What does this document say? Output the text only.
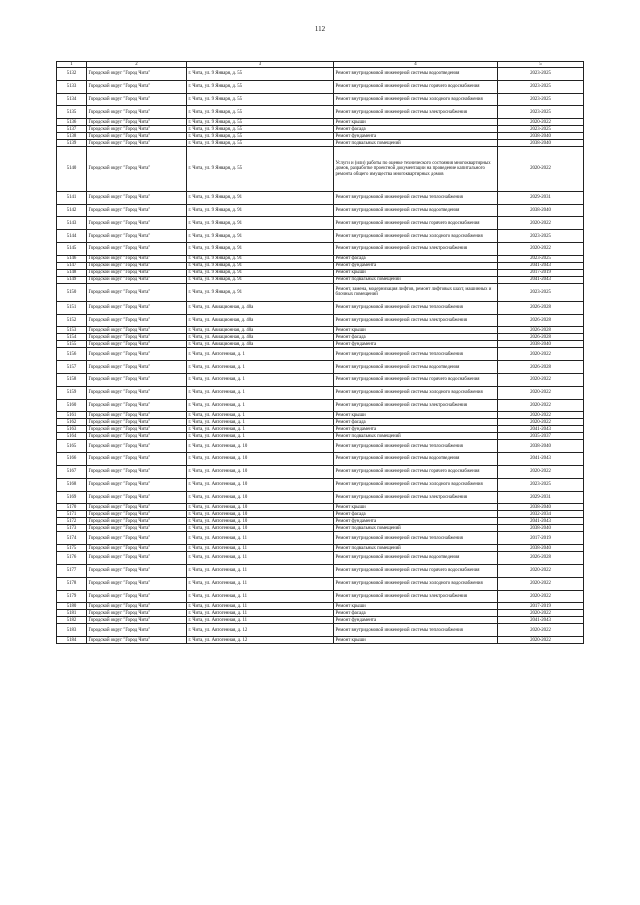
112
1	2	3	4	5
5132	Городской округ "Город Чита"	г. Чита, ул. 9 Января, д. 55	Ремонт внутридомовой инженерной системы водоотведения	2023-2025
5133	Городской округ "Город Чита"	г. Чита, ул. 9 Января, д. 55	Ремонт внутридомовой инженерной системы горячего водоснабжения	2023-2025
5134	Городской округ "Город Чита"	г. Чита, ул. 9 Января, д. 55	Ремонт внутридомовой инженерной системы холодного водоснабжения	2023-2025
5135	Городской округ "Город Чита"	г. Чита, ул. 9 Января, д. 55	Ремонт внутридомовой инженерной системы электроснабжения	2023-2025
5136	Городской округ "Город Чита"	г. Чита, ул. 9 Января, д. 55	Ремонт крыши	2020-2022
5137	Городской округ "Город Чита"	г. Чита, ул. 9 Января, д. 55	Ремонт фасада	2023-2025
5138	Городской округ "Город Чита"	г. Чита, ул. 9 Января, д. 55	Ремонт фундамента	2038-2040
5139	Городской округ "Город Чита"	г. Чита, ул. 9 Января, д. 55	Ремонт подвальных помещений	2038-2040
5140	Городской округ "Город Чита"	г. Чита, ул. 9 Января, д. 55	Услуги и (или) работы по оценке технического состояния многоквартирных домов, разработке проектной документации на проведение капитального ремонта общего имущества многоквартирных домов	2020-2022
5141	Городской округ "Город Чита"	г. Чита, ул. 9 Января, д. 91	Ремонт внутридомовой инженерной системы теплоснабжения	2029-2031
5142	Городской округ "Город Чита"	г. Чита, ул. 9 Января, д. 91	Ремонт внутридомовой инженерной системы водоотведения	2038-2040
5143	Городской округ "Город Чита"	г. Чита, ул. 9 Января, д. 91	Ремонт внутридомовой инженерной системы горячего водоснабжения	2020-2022
5144	Городской округ "Город Чита"	г. Чита, ул. 9 Января, д. 91	Ремонт внутридомовой инженерной системы холодного водоснабжения	2023-2025
5145	Городской округ "Город Чита"	г. Чита, ул. 9 Января, д. 91	Ремонт внутридомовой инженерной системы электроснабжения	2020-2022
5146	Городской округ "Город Чита"	г. Чита, ул. 9 Января, д. 91	Ремонт фасада	2023-2025
5147	Городской округ "Город Чита"	г. Чита, ул. 9 Января, д. 91	Ремонт фундамента	2041-2043
5148	Городской округ "Город Чита"	г. Чита, ул. 9 Января, д. 91	Ремонт крыши	2017-2019
5149	Городской округ "Город Чита"	г. Чита, ул. 9 Января, д. 91	Ремонт подвальных помещений	2041-2043
5150	Городской округ "Город Чита"	г. Чита, ул. 9 Января, д. 91	Ремонт, замена, модернизация лифтов, ремонт лифтовых шахт, машинных и блочных помещений	2023-2025
5151	Городской округ "Город Чита"	г. Чита, ул. Авиационная, д. 40а	Ремонт внутридомовой инженерной системы теплоснабжения	2026-2028
5152	Городской округ "Город Чита"	г. Чита, ул. Авиационная, д. 40а	Ремонт внутридомовой инженерной системы электроснабжения	2026-2028
5153	Городской округ "Город Чита"	г. Чита, ул. Авиационная, д. 40а	Ремонт крыши	2026-2028
5154	Городской округ "Город Чита"	г. Чита, ул. Авиационная, д. 40а	Ремонт фасада	2026-2028
5155	Городской округ "Город Чита"	г. Чита, ул. Авиационная, д. 40а	Ремонт фундамента	2038-2040
5156	Городской округ "Город Чита"	г. Чита, ул. Автогенная, д. 1	Ремонт внутридомовой инженерной системы теплоснабжения	2020-2022
5157	Городской округ "Город Чита"	г. Чита, ул. Автогенная, д. 1	Ремонт внутридомовой инженерной системы водоотведения	2026-2028
5158	Городской округ "Город Чита"	г. Чита, ул. Автогенная, д. 1	Ремонт внутридомовой инженерной системы горячего водоснабжения	2020-2022
5159	Городской округ "Город Чита"	г. Чита, ул. Автогенная, д. 1	Ремонт внутридомовой инженерной системы холодного водоснабжения	2020-2022
5160	Городской округ "Город Чита"	г. Чита, ул. Автогенная, д. 1	Ремонт внутридомовой инженерной системы электроснабжения	2020-2022
5161	Городской округ "Город Чита"	г. Чита, ул. Автогенная, д. 1	Ремонт крыши	2020-2022
5162	Городской округ "Город Чита"	г. Чита, ул. Автогенная, д. 1	Ремонт фасада	2020-2022
5163	Городской округ "Город Чита"	г. Чита, ул. Автогенная, д. 1	Ремонт фундамента	2041-2043
5164	Городской округ "Город Чита"	г. Чита, ул. Автогенная, д. 1	Ремонт подвальных помещений	2035-2037
5165	Городской округ "Город Чита"	г. Чита, ул. Автогенная, д. 10	Ремонт внутридомовой инженерной системы теплоснабжения	2038-2040
5166	Городской округ "Город Чита"	г. Чита, ул. Автогенная, д. 10	Ремонт внутридомовой инженерной системы водоотведения	2041-2043
5167	Городской округ "Город Чита"	г. Чита, ул. Автогенная, д. 10	Ремонт внутридомовой инженерной системы горячего водоснабжения	2020-2022
5168	Городской округ "Город Чита"	г. Чита, ул. Автогенная, д. 10	Ремонт внутридомовой инженерной системы холодного водоснабжения	2023-2025
5169	Городской округ "Город Чита"	г. Чита, ул. Автогенная, д. 10	Ремонт внутридомовой инженерной системы электроснабжения	2029-2031
5170	Городской округ "Город Чита"	г. Чита, ул. Автогенная, д. 10	Ремонт крыши	2038-2040
5171	Городской округ "Город Чита"	г. Чита, ул. Автогенная, д. 10	Ремонт фасада	2032-2034
5172	Городской округ "Город Чита"	г. Чита, ул. Автогенная, д. 10	Ремонт фундамента	2041-2043
5173	Городской округ "Город Чита"	г. Чита, ул. Автогенная, д. 10	Ремонт подвальных помещений	2038-2040
5174	Городской округ "Город Чита"	г. Чита, ул. Автогенная, д. 11	Ремонт внутридомовой инженерной системы теплоснабжения	2017-2019
5175	Городской округ "Город Чита"	г. Чита, ул. Автогенная, д. 11	Ремонт подвальных помещений	2038-2040
5176	Городской округ "Город Чита"	г. Чита, ул. Автогенная, д. 11	Ремонт внутридомовой инженерной системы водоотведения	2026-2028
5177	Городской округ "Город Чита"	г. Чита, ул. Автогенная, д. 11	Ремонт внутридомовой инженерной системы горячего водоснабжения	2020-2022
5178	Городской округ "Город Чита"	г. Чита, ул. Автогенная, д. 11	Ремонт внутридомовой инженерной системы холодного водоснабжения	2020-2022
5179	Городской округ "Город Чита"	г. Чита, ул. Автогенная, д. 11	Ремонт внутридомовой инженерной системы электроснабжения	2020-2022
5180	Городской округ "Город Чита"	г. Чита, ул. Автогенная, д. 11	Ремонт крыши	2017-2019
5181	Городской округ "Город Чита"	г. Чита, ул. Автогенная, д. 11	Ремонт фасада	2020-2022
5182	Городской округ "Город Чита"	г. Чита, ул. Автогенная, д. 11	Ремонт фундамента	2041-2043
5183	Городской округ "Город Чита"	г. Чита, ул. Автогенная, д. 12	Ремонт внутридомовой инженерной системы теплоснабжения	2020-2022
5184	Городской округ "Город Чита"	г. Чита, ул. Автогенная, д. 12	Ремонт крыши	2020-2022
